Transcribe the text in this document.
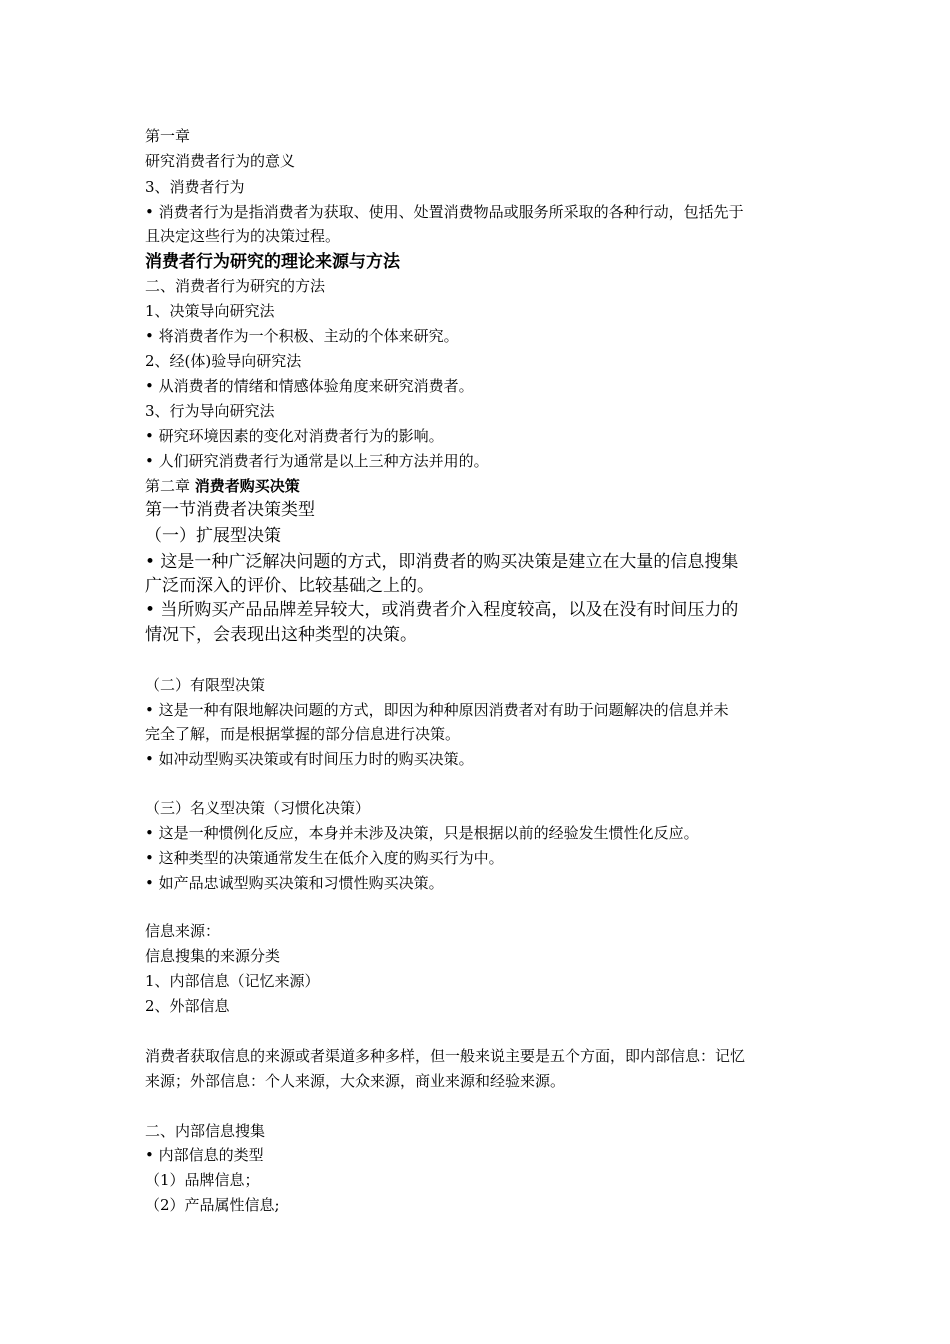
第一章

研究消费者行为的意义

3、消费者行为

• 消费者行为是指消费者为获取、使用、处置消费物品或服务所采取的各种行动，包括先于

且决定这些行为的决策过程。

消费者行为研究的理论来源与方法

二、消费者行为研究的方法

1、决策导向研究法

• 将消费者作为一个积极、主动的个体来研究。

2、经(体)验导向研究法

• 从消费者的情绪和情感体验角度来研究消费者。

3、行为导向研究法

• 研究环境因素的变化对消费者行为的影响。

• 人们研究消费者行为通常是以上三种方法并用的。

第二章 消费者购买决策

第一节消费者决策类型

（一）扩展型决策

• 这是一种广泛解决问题的方式，即消费者的购买决策是建立在大量的信息搜集

广泛而深入的评价、比较基础之上的。

• 当所购买产品品牌差异较大，或消费者介入程度较高，以及在没有时间压力的

情况下，会表现出这种类型的决策。

（二）有限型决策

• 这是一种有限地解决问题的方式，即因为种种原因消费者对有助于问题解决的信息并未

完全了解，而是根据掌握的部分信息进行决策。

• 如冲动型购买决策或有时间压力时的购买决策。

（三）名义型决策（习惯化决策）

• 这是一种惯例化反应，本身并未涉及决策，只是根据以前的经验发生惯性化反应。

• 这种类型的决策通常发生在低介入度的购买行为中。

• 如产品忠诚型购买决策和习惯性购买决策。

信息来源：

信息搜集的来源分类

1、内部信息（记忆来源）

2、外部信息

消费者获取信息的来源或者渠道多种多样，但一般来说主要是五个方面，即内部信息：记忆

来源；外部信息：个人来源，大众来源，商业来源和经验来源。

二、内部信息搜集

• 内部信息的类型

（1）品牌信息；

（2）产品属性信息;
